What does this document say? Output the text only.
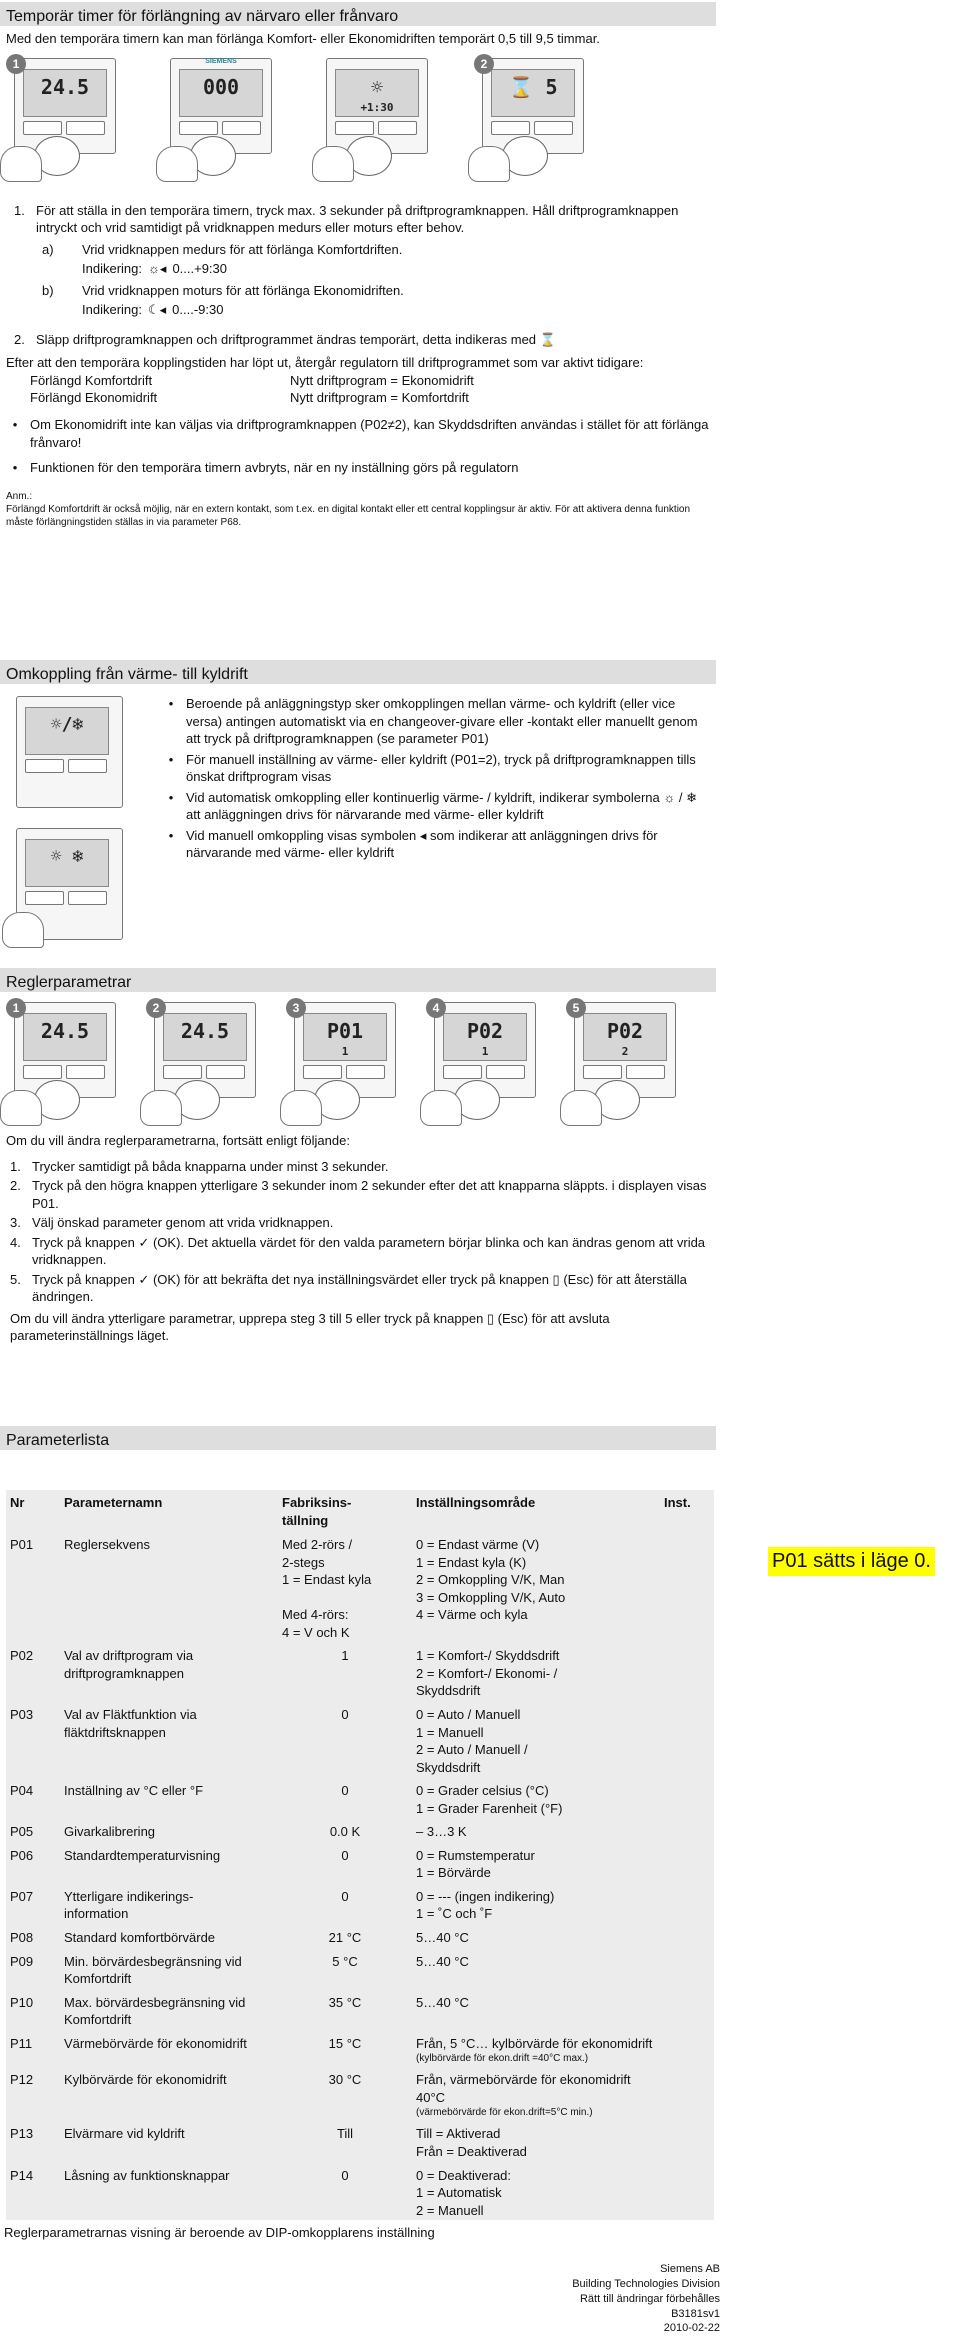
Temporär timer för förlängning av närvaro eller frånvaro

Med den temporära timern kan man förlänga Komfort- eller Ekonomidriften temporärt 0,5 till 9,5 timmar.

1
24.5	000
SIEMENS
☼
+1:30
2
⌛ 5
1. För att ställa in den temporära timern, tryck max. 3 sekunder på driftprogramknappen. Håll driftprogramknappen intryckt och vrid samtidigt på vridknappen medurs eller moturs efter behov.
a)	Vrid vridknappen medurs för att förlänga Komfortdriften.
Indikering: ☼◂ 0....+9:30
b)	Vrid vridknappen moturs för att förlänga Ekonomidriften.
Indikering: ☾◂ 0....-9:30
2. Släpp driftprogramknappen och driftprogrammet ändras temporärt, detta indikeras med ⌛

Efter att den temporära kopplingstiden har löpt ut, återgår regulatorn till driftprogrammet som var aktivt tidigare:

Förlängd Komfortdrift	Nytt driftprogram = Ekonomidrift
Förlängd Ekonomidrift	Nytt driftprogram = Komfortdrift
• Om Ekonomidrift inte kan väljas via driftprogramknappen (P02≠2), kan Skyddsdriften användas i stället för att förlänga frånvaro!
• Funktionen för den temporära timern avbryts, när en ny inställning görs på regulatorn

Anm.:

Förlängd Komfortdrift är också möjlig, när en extern kontakt, som t.ex. en digital kontakt eller ett central kopplingsur är aktiv. För att aktivera denna funktion måste förlängningstiden ställas in via parameter P68.

Omkoppling från värme- till kyldrift
☼/❄
☼ ❄
• Beroende på anläggningstyp sker omkopplingen mellan värme- och kyldrift (eller vice versa) antingen automatiskt via en changeover-givare eller -kontakt eller manuellt genom att tryck på driftprogramknappen (se parameter P01)
• För manuell inställning av värme- eller kyldrift (P01=2), tryck på driftprogramknappen tills önskat driftprogram visas
• Vid automatisk omkoppling eller kontinuerlig värme- / kyldrift, indikerar symbolerna ☼ / ❄ att anläggningen drivs för närvarande med värme- eller kyldrift
• Vid manuell omkoppling visas symbolen ◂ som indikerar att anläggningen drivs för närvarande med värme- eller kyldrift
Reglerparametrar
1
24.5
2
24.5
3
P01
1
4
P02
1
5
P02
2

Om du vill ändra reglerparametrarna, fortsätt enligt följande:

1. Trycker samtidigt på båda knapparna under minst 3 sekunder.
2. Tryck på den högra knappen ytterligare 3 sekunder inom 2 sekunder efter det att knapparna släppts. i displayen visas P01.
3. Välj önskad parameter genom att vrida vridknappen.
4. Tryck på knappen ✓ (OK). Det aktuella värdet för den valda parametern börjar blinka och kan ändras genom att vrida vridknappen.
5. Tryck på knappen ✓ (OK) för att bekräfta det nya inställningsvärdet eller tryck på knappen ▯ (Esc) för att återställa ändringen.

Om du vill ändra ytterligare parametrar, upprepa steg 3 till 5 eller tryck på knappen ▯ (Esc) för att avsluta parameterinställnings läget.

Parameterlista
Nr	Parameternamn	Fabriksins-
tällning	Inställningsområde	Inst.
P01	Reglersekvens	Med 2-rörs /
2-stegs
1 = Endast kyla

Med 4-rörs:
4 = V och K	0 = Endast värme (V)
1 = Endast kyla (K)
2 = Omkoppling V/K, Man
3 = Omkoppling V/K, Auto
4 = Värme och kyla	
P02	Val av driftprogram via driftprogramknappen	1	1 = Komfort-/ Skyddsdrift
2 = Komfort-/ Ekonomi- /
Skyddsdrift	
P03	Val av Fläktfunktion via fläktdriftsknappen	0	0 = Auto / Manuell
1 = Manuell
2 = Auto / Manuell /
Skyddsdrift	
P04	Inställning av °C eller °F	0	0 = Grader celsius (°C)
1 = Grader Farenheit (°F)	
P05	Givarkalibrering	0.0 K	– 3…3 K	
P06	Standardtemperaturvisning	0	0 = Rumstemperatur
1 = Börvärde	
P07	Ytterligare indikerings-
information	0	0 = --- (ingen indikering)
1 = ˚C och ˚F	
P08	Standard komfortbörvärde	21 °C	5…40 °C	
P09	Min. börvärdesbegränsning vid Komfortdrift	5 °C	5…40 °C	
P10	Max. börvärdesbegränsning vid Komfortdrift	35 °C	5…40 °C	
P11	Värmebörvärde för ekonomidrift	15 °C	Från, 5 °C… kylbörvärde för ekonomidrift
(kylbörvärde för ekon.drift =40°C max.)	

P12	Kylbörvärde för ekonomidrift	30 °C	Från, värmebörvärde för ekonomidrift 40°C
(värmebörvärde för ekon.drift=5°C min.)	

P13	Elvärmare vid kyldrift	Till	Till = Aktiverad
Från = Deaktiverad	
P14	Låsning av funktionsknappar	0	0 = Deaktiverad:
1 = Automatisk
2 = Manuell	

Reglerparametrarnas visning är beroende av DIP-omkopplarens inställning

Siemens AB
Building Technologies Division
Rätt till ändringar förbehålles
B3181sv1
2010-02-22
P01 sätts i läge 0.
